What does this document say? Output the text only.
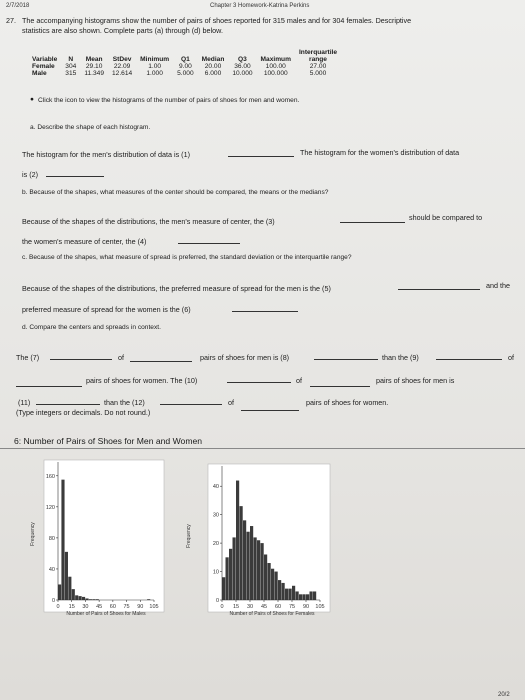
2/7/2018	Chapter 3 Homework-Katrina Perkins
27. The accompanying histograms show the number of pairs of shoes reported for 315 males and for 304 females. Descriptive
statistics are also shown. Complete parts (a) through (d) below.
Variable	N	Mean	StDev	Minimum	Q1	Median	Q3	Maximum	Interquartile
range
Female	304	29.10	22.09	1.00	9.00	20.00	36.00	100.00	27.00
Male	315	11.349	12.614	1.000	5.000	6.000	10.000	100.000	5.000
● Click the icon to view the histograms of the number of pairs of shoes for men and women.
a. Describe the shape of each histogram.
The histogram for the men's distribution of data is (1)	The histogram for the women's distribution of data
is (2)
b. Because of the shapes, what measures of the center should be compared, the means or the medians?
Because of the shapes of the distributions, the men's measure of center, the (3)	should be compared to
the women's measure of center, the (4)
c. Because of the shapes, what measure of spread is preferred, the standard deviation or the interquartile range?
Because of the shapes of the distributions, the preferred measure of spread for the men is the (5)	and the
preferred measure of spread for the women is the (6)
d. Compare the centers and spreads in context.
The (7)	of	pairs of shoes for men is (8)	than the (9)	of
pairs of shoes for women. The (10)	of	pairs of shoes for men is
(11)	than the (12)	of	pairs of shoes for women.
(Type integers or decimals. Do not round.)
6: Number of Pairs of Shoes for Men and Women
0
40
80
120
160
0 15 30 45 60 75 90 105
Frequency
Number of Pairs of Shoes for Males
0
10
20
30
40
0 15 30 45 60 75 90 105
Frequency
Number of Pairs of Shoes for Females
20/2
